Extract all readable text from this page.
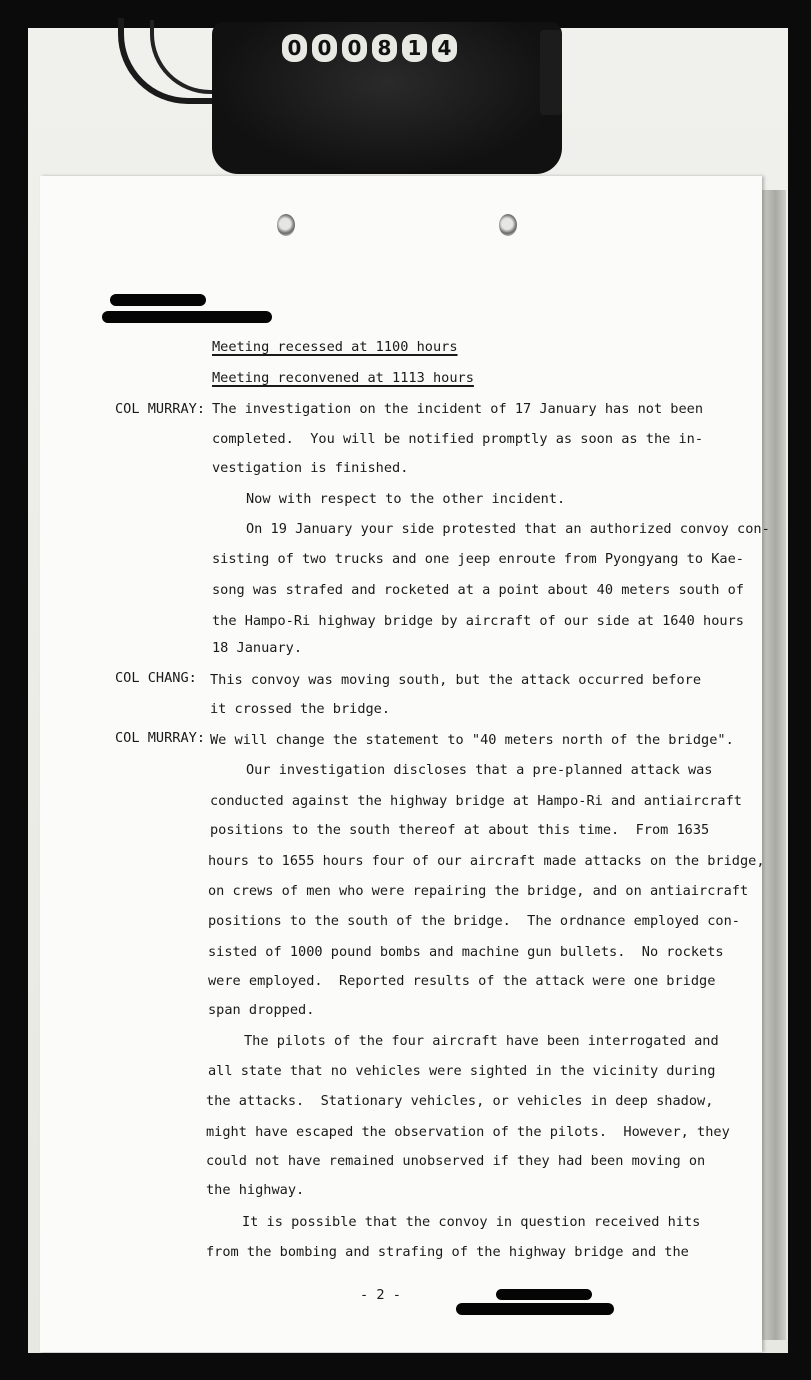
0 0 0 8 1 4

Meeting recessed at 1100 hours

Meeting reconvened at 1113 hours

COL MURRAY: The investigation on the incident of 17 January has not been

completed.  You will be notified promptly as soon as the in-

vestigation is finished.

Now with respect to the other incident.

On 19 January your side protested that an authorized convoy con-

sisting of two trucks and one jeep enroute from Pyongyang to Kae-

song was strafed and rocketed at a point about 40 meters south of

the Hampo-Ri highway bridge by aircraft of our side at 1640 hours

18 January.

COL CHANG: This convoy was moving south, but the attack occurred before

it crossed the bridge.

COL MURRAY: We will change the statement to "40 meters north of the bridge".

Our investigation discloses that a pre-planned attack was

conducted against the highway bridge at Hampo-Ri and antiaircraft

positions to the south thereof at about this time.  From 1635

hours to 1655 hours four of our aircraft made attacks on the bridge,

on crews of men who were repairing the bridge, and on antiaircraft

positions to the south of the bridge.  The ordnance employed con-

sisted of 1000 pound bombs and machine gun bullets.  No rockets

were employed.  Reported results of the attack were one bridge

span dropped.

The pilots of the four aircraft have been interrogated and

all state that no vehicles were sighted in the vicinity during

the attacks.  Stationary vehicles, or vehicles in deep shadow,

might have escaped the observation of the pilots.  However, they

could not have remained unobserved if they had been moving on

the highway.

It is possible that the convoy in question received hits

from the bombing and strafing of the highway bridge and the

- 2 -
